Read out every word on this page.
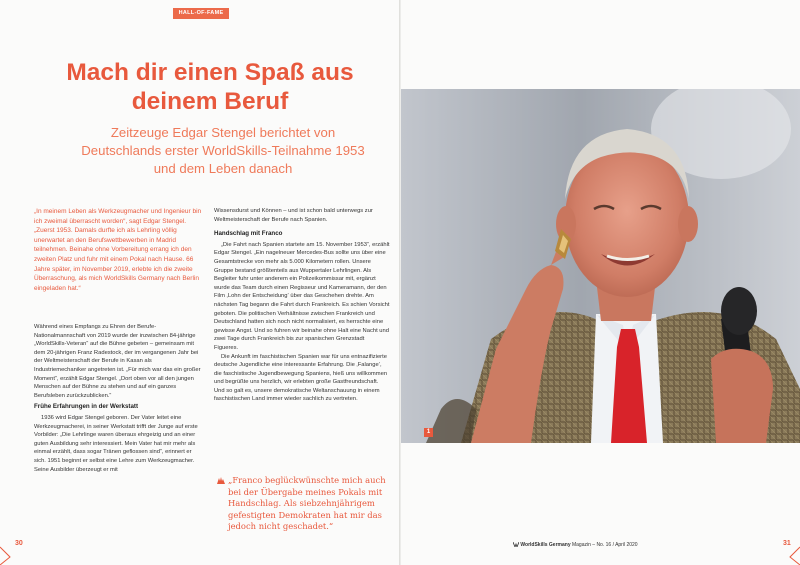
HALL-OF-FAME
Mach dir einen Spaß aus
deinem Beruf
Zeitzeuge Edgar Stengel berichtet von
Deutschlands erster WorldSkills-Teilnahme 1953
und dem Leben danach
„In meinem Leben als Werkzeugmacher und Ingenieur bin ich zweimal überrascht worden“, sagt Edgar Stengel. „Zuerst 1953. Damals durfte ich als Lehrling völlig unerwartet an den Berufswettbewerben in Madrid teilnehmen. Beinahe ohne Vorbereitung errang ich den zweiten Platz und fuhr mit einem Pokal nach Hause. 66 Jahre später, im November 2019, erlebte ich die zweite Überraschung, als mich WorldSkills Germany nach Berlin eingeladen hat.“

Während eines Empfangs zu Ehren der Berufe-Nationalmannschaft von 2019 wurde der inzwischen 84-jährige „WorldSkills-Veteran“ auf die Bühne gebeten – gemeinsam mit dem 20-jährigen Franz Radestock, der im vergangenen Jahr bei der Weltmeisterschaft der Berufe in Kasan als Industriemechaniker angetreten ist. „Für mich war das ein großer Moment“, erzählt Edgar Stengel. „Dort oben vor all den jungen Menschen auf der Bühne zu stehen und auf ein ganzes Berufsleben zurückzublicken.“

Frühe Erfahrungen in der Werkstatt

1936 wird Edgar Stengel geboren. Der Vater leitet eine Werkzeugmacherei, in seiner Werkstatt trifft der Junge auf erste Vorbilder: „Die Lehrlinge waren überaus ehrgeizig und an einer guten Ausbildung sehr interessiert. Mein Vater hat mir mehr als einmal erzählt, dass sogar Tränen geflossen sind“, erinnert er sich. 1951 beginnt er selbst eine Lehre zum Werkzeugmacher. Seine Ausbilder überzeugt er mit

Wissensdurst und Können – und ist schon bald unterwegs zur Weltmeisterschaft der Berufe nach Spanien.

Handschlag mit Franco

„Die Fahrt nach Spanien startete am 15. November 1953“, erzählt Edgar Stengel. „Ein nagelneuer Mercedes-Bus sollte uns über eine Gesamtstrecke von mehr als 5.000 Kilometern rollen. Unsere Gruppe bestand größtenteils aus Wuppertaler Lehrlingen. Als Begleiter fuhr unter anderem ein Polizeikommissar mit, ergänzt wurde das Team durch einen Regisseur und Kameramann, der den Film ‚Lohn der Entscheidung‘ über das Geschehen drehte. Am nächsten Tag begann die Fahrt durch Frankreich. Es schien Vorsicht geboten. Die politischen Verhältnisse zwischen Frankreich und Deutschland hatten sich noch nicht normalisiert, es herrschte eine gewisse Angst. Und so fuhren wir beinahe ohne Halt eine Nacht und zwei Tage durch Frankreich bis zur spanischen Grenzstadt Figueres.

Die Ankunft im faschistischen Spanien war für uns entnazifizierte deutsche Jugendliche eine interessante Erfahrung. Die ‚Falange‘, die faschistische Jugendbewegung Spaniens, hieß uns willkommen und begrüßte uns herzlich, wir erlebten große Gastfreundschaft. Und so galt es, unsere demokratische Weltanschauung in einem faschistischen Land immer wieder sachlich zu vertreten.

„Franco beglückwünschte mich auch bei der Übergabe meines Pokals mit Handschlag. Als siebzehnjährigem gefestigten Demokraten hat mir das jedoch nicht geschadet.“

30
1
WorldSkills Germany Magazin – No. 16 / April 2020	31
